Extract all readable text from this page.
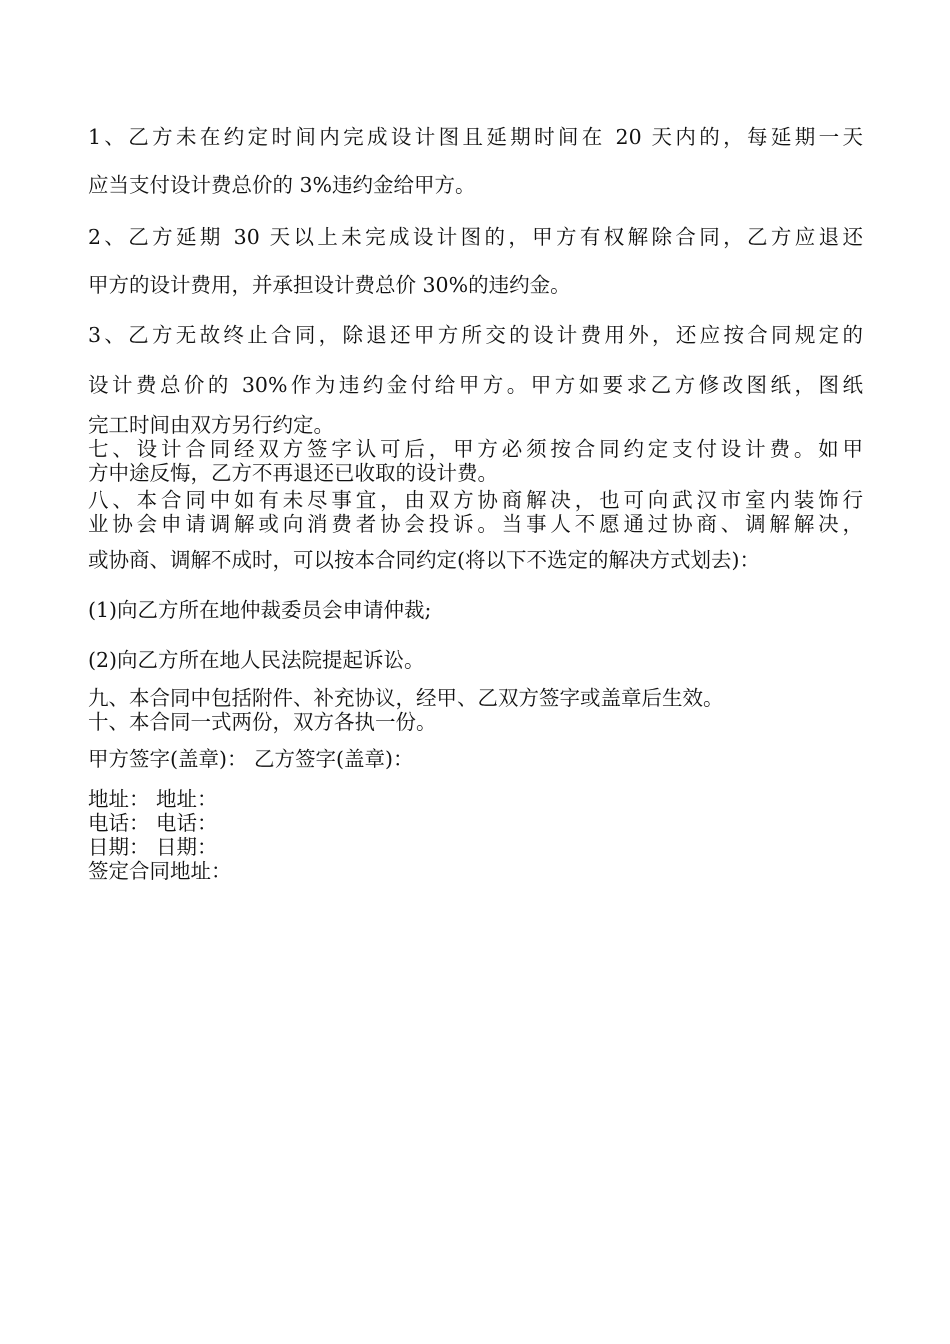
1、乙方未在约定时间内完成设计图且延期时间在 20 天内的，每延期一天
应当支付设计费总价的 3%违约金给甲方。
2、乙方延期 30 天以上未完成设计图的，甲方有权解除合同，乙方应退还
甲方的设计费用，并承担设计费总价 30%的违约金。
3、乙方无故终止合同，除退还甲方所交的设计费用外，还应按合同规定的
设计费总价的 30%作为违约金付给甲方。甲方如要求乙方修改图纸，图纸
完工时间由双方另行约定。
七、设计合同经双方签字认可后，甲方必须按合同约定支付设计费。如甲
方中途反悔，乙方不再退还已收取的设计费。
八、本合同中如有未尽事宜，由双方协商解决，也可向武汉市室内装饰行
业协会申请调解或向消费者协会投诉。当事人不愿通过协商、调解解决，
或协商、调解不成时，可以按本合同约定(将以下不选定的解决方式划去)：
(1)向乙方所在地仲裁委员会申请仲裁;
(2)向乙方所在地人民法院提起诉讼。
九、本合同中包括附件、补充协议，经甲、乙双方签字或盖章后生效。
十、本合同一式两份，双方各执一份。
甲方签字(盖章)： 乙方签字(盖章)：
地址： 地址：
电话： 电话：
日期： 日期：
签定合同地址：
